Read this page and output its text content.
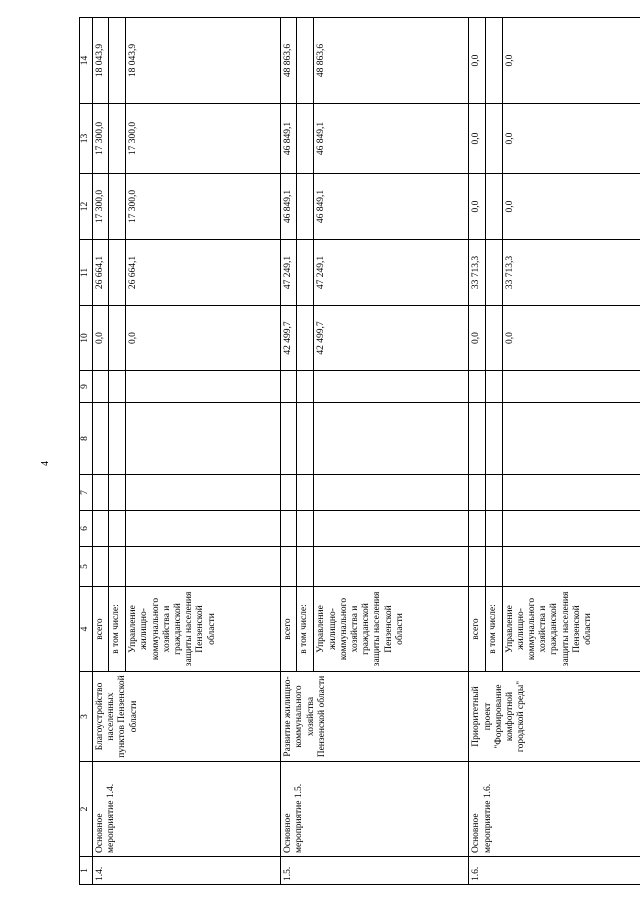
4
1	2	3	4	5	6	7	8	9	10	11	12	13	14
1.4.	Основное мероприятие 1.4.	Благоустройство населенных пунктов Пензенской области	всего						0,0	26 664,1	17 300,0	17 300,0	18 043,9
			в том числе:										
			Управление жилищно-коммунального хозяйства и гражданской защиты населения Пензенской области						0,0	26 664,1	17 300,0	17 300,0	18 043,9
1.5.	Основное мероприятие 1.5.	Развитие жилищно-коммунального хозяйства Пензенской области	всего						42 499,7	47 249,1	46 849,1	46 849,1	48 863,6
			в том числе:										
			Управление жилищно-коммунального хозяйства и гражданской защиты населения Пензенской области						42 499,7	47 249,1	46 849,1	46 849,1	48 863,6
1.6.	Основное мероприятие 1.6.	Приоритетный проект "Формирование комфортной городской среды"	всего						0,0	33 713,3	0,0	0,0	0,0
			в том числе:										
			Управление жилищно-коммунального хозяйства и гражданской защиты населения Пензенской области						0,0	33 713,3	0,0	0,0	0,0
